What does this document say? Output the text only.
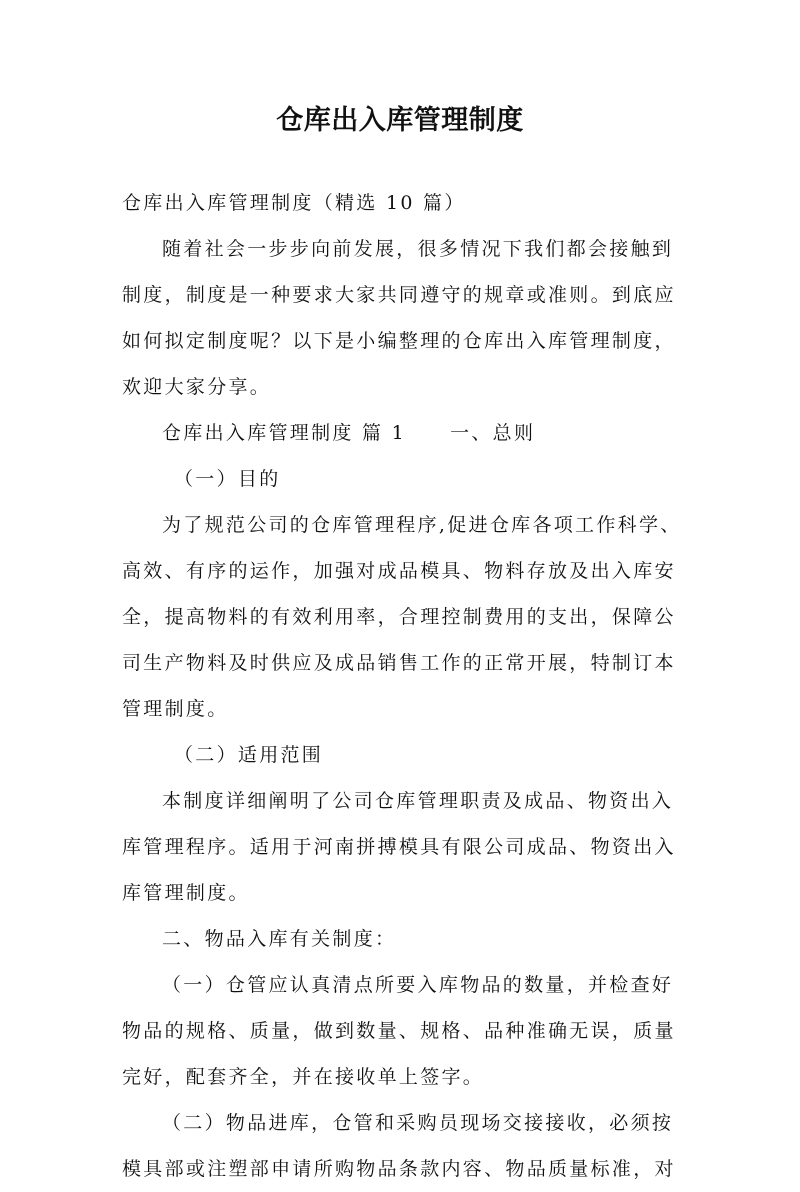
仓库出入库管理制度
仓库出入库管理制度（精选 10 篇）
随着社会一步步向前发展，很多情况下我们都会接触到
制度，制度是一种要求大家共同遵守的规章或准则。到底应
如何拟定制度呢？以下是小编整理的仓库出入库管理制度，
欢迎大家分享。
仓库出入库管理制度 篇 1 一、总则
（一）目的
为了规范公司的仓库管理程序,促进仓库各项工作科学、
高效、有序的运作，加强对成品模具、物料存放及出入库安
全，提高物料的有效利用率，合理控制费用的支出，保障公
司生产物料及时供应及成品销售工作的正常开展，特制订本
管理制度。
（二）适用范围
本制度详细阐明了公司仓库管理职责及成品、物资出入
库管理程序。适用于河南拼搏模具有限公司成品、物资出入
库管理制度。
二、物品入库有关制度：
（一）仓管应认真清点所要入库物品的数量，并检查好
物品的规格、质量，做到数量、规格、品种准确无误，质量
完好，配套齐全，并在接收单上签字。
（二）物品进库，仓管和采购员现场交接接收，必须按
模具部或注塑部申请所购物品条款内容、物品质量标准，对
